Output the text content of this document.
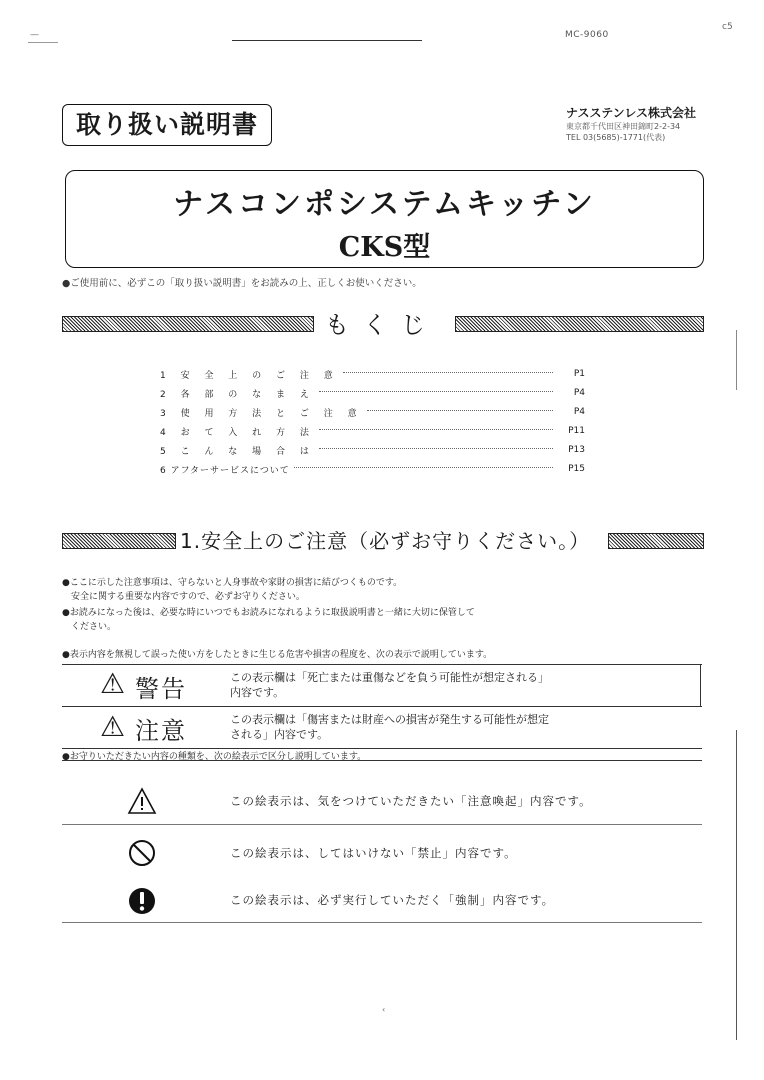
—	MC-9060
c5
取り扱い説明書	ナスステンレス株式会社
東京都千代田区神田錦町2-2-34
TEL 03(5685)-1771(代表)
ナスコンポシステムキッチン
CKS型
●ご使用前に、必ずこの「取り扱い説明書」をお読みの上、正しくお使いください。
もくじ
1 安 全 上 の ご 注 意	P1
2 各 部 の な ま え	P4
3 使 用 方 法 と ご 注 意	P4
4 お て 入 れ 方 法	P11
5 こ ん な 場 合 は	P13
6 アフターサービスについて	P15
1.安全上のご注意（必ずお守りください。）
●ここに示した注意事項は、守らないと人身事故や家財の損害に結びつくものです。
　安全に関する重要な内容ですので、必ずお守りください。
●お読みになった後は、必要な時にいつでもお読みになれるように取扱説明書と一緒に大切に保管して
　ください。
●表示内容を無視して誤った使い方をしたときに生じる危害や損害の程度を、次の表示で説明しています。
⚠ 警告	この表示欄は「死亡または重傷などを負う可能性が想定される」
内容です。
⚠ 注意	この表示欄は「傷害または財産への損害が発生する可能性が想定
される」内容です。
●お守りいただきたい内容の種類を、次の絵表示で区分し説明しています。
この絵表示は、気をつけていただきたい「注意喚起」内容です。
この絵表示は、してはいけない「禁止」内容です。
この絵表示は、必ず実行していただく「強制」内容です。
‹
